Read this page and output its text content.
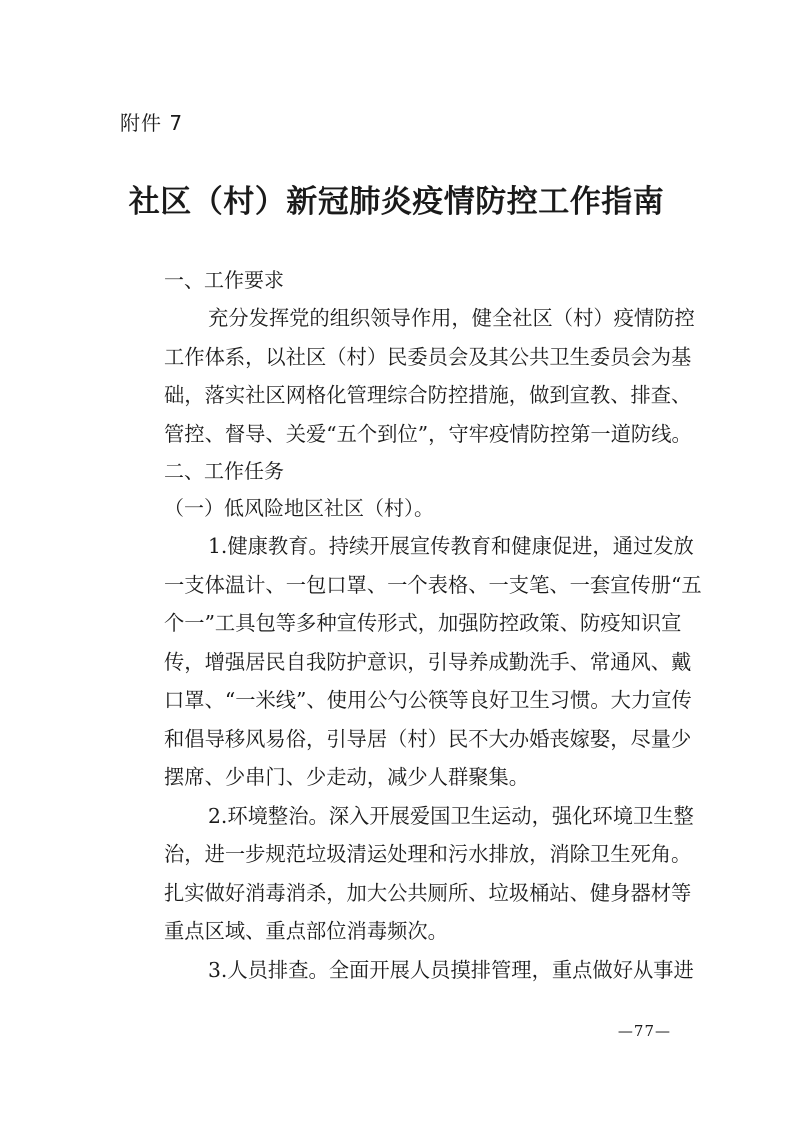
附件 7
社区（村）新冠肺炎疫情防控工作指南
一、工作要求
充分发挥党的组织领导作用，健全社区（村）疫情防控
工作体系，以社区（村）民委员会及其公共卫生委员会为基
础，落实社区网格化管理综合防控措施，做到宣教、排查、
管控、督导、关爱“五个到位”，守牢疫情防控第一道防线。
二、工作任务
（一）低风险地区社区（村）。
1.健康教育。持续开展宣传教育和健康促进，通过发放
一支体温计、一包口罩、一个表格、一支笔、一套宣传册“五
个一”工具包等多种宣传形式，加强防控政策、防疫知识宣
传，增强居民自我防护意识，引导养成勤洗手、常通风、戴
口罩、“一米线”、使用公勺公筷等良好卫生习惯。大力宣传
和倡导移风易俗，引导居（村）民不大办婚丧嫁娶，尽量少
摆席、少串门、少走动，减少人群聚集。
2.环境整治。深入开展爱国卫生运动，强化环境卫生整
治，进一步规范垃圾清运处理和污水排放，消除卫生死角。
扎实做好消毒消杀，加大公共厕所、垃圾桶站、健身器材等
重点区域、重点部位消毒频次。
3.人员排查。全面开展人员摸排管理，重点做好从事进
—77—
